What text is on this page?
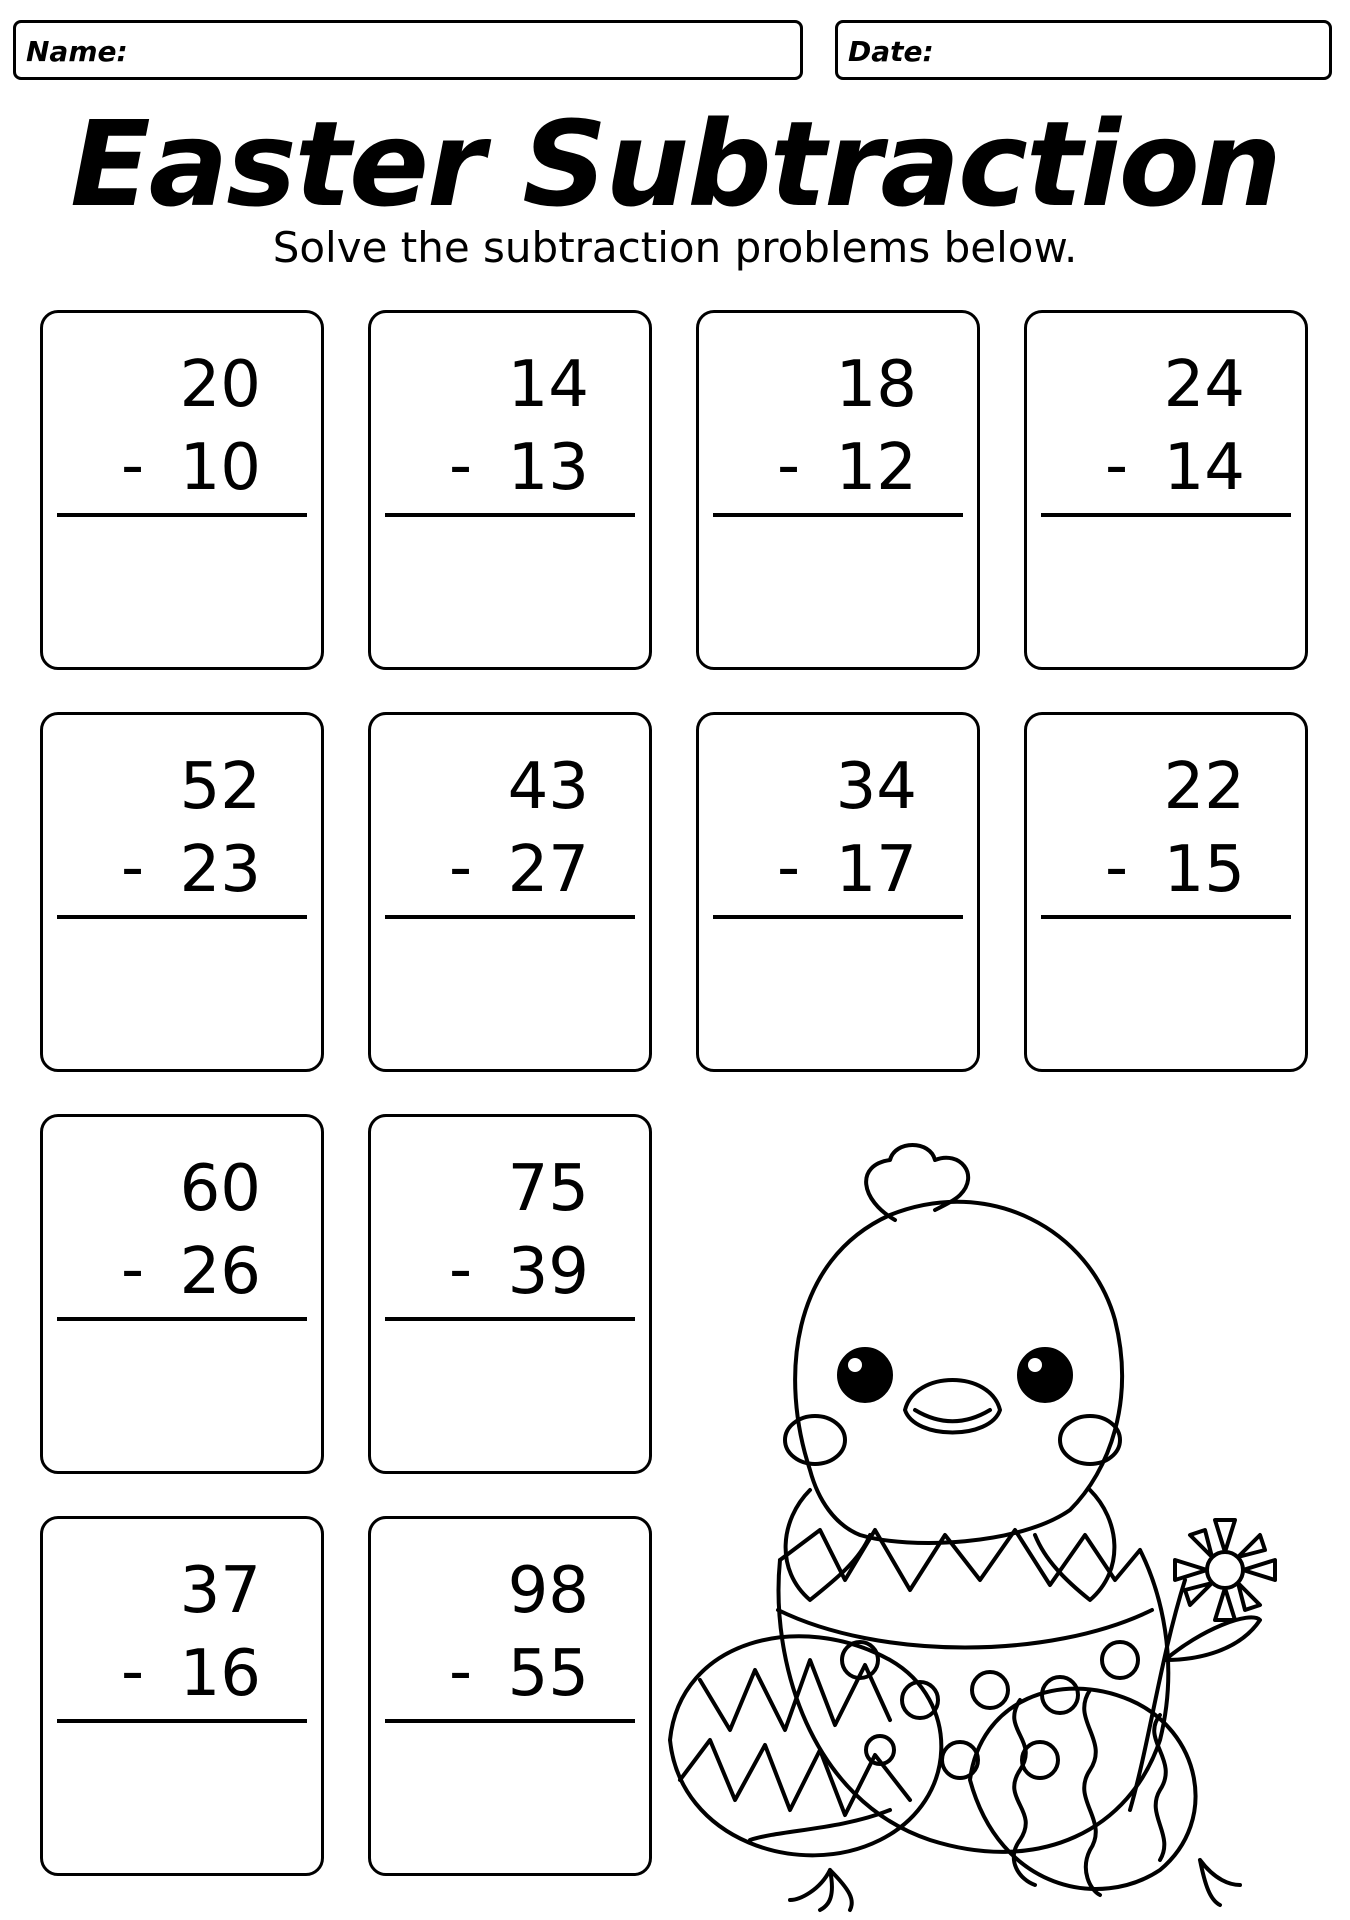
Name:	Date:
Easter Subtraction
Solve the subtraction problems below.
20
- 10
14
- 13
18
- 12
24
- 14
52
- 23
43
- 27
34
- 17
22
- 15
60
- 26
75
- 39
37
- 16
98
- 55
